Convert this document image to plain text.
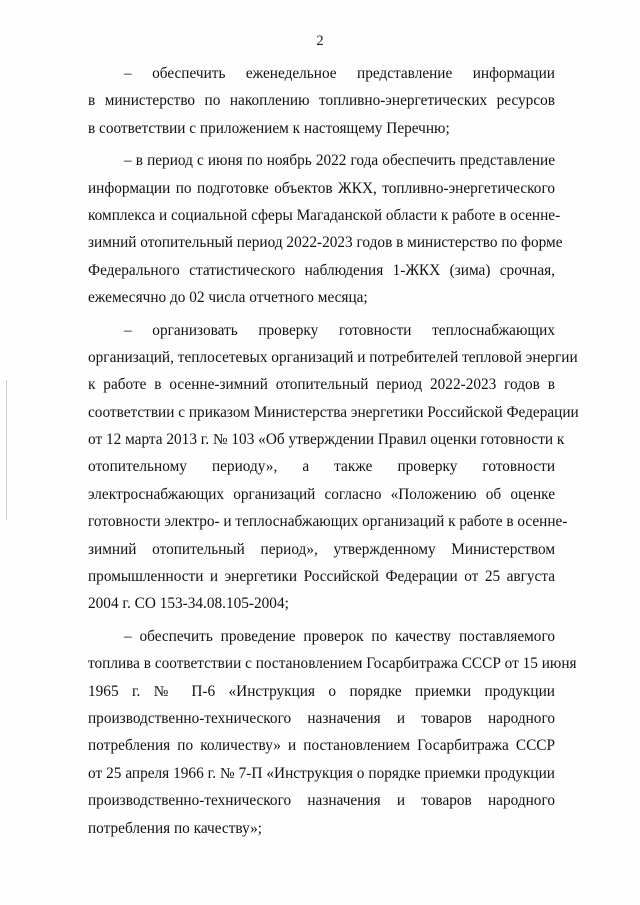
2
– обеспечить еженедельное представление информации
в министерство по накоплению топливно-энергетических ресурсов
в соответствии с приложением к настоящему Перечню;
– в период с июня по ноябрь 2022 года обеспечить представление
информации по подготовке объектов ЖКХ, топливно-энергетического
комплекса и социальной сферы Магаданской области к работе в осенне-
зимний отопительный период 2022-2023 годов в министерство по форме
Федерального статистического наблюдения 1-ЖКХ (зима) срочная,
ежемесячно до 02 числа отчетного месяца;
– организовать проверку готовности теплоснабжающих
организаций, теплосетевых организаций и потребителей тепловой энергии
к работе в осенне-зимний отопительный период 2022-2023 годов в
соответствии с приказом Министерства энергетики Российской Федерации
от 12 марта 2013 г. № 103 «Об утверждении Правил оценки готовности к
отопительному периоду», а также проверку готовности
электроснабжающих организаций согласно «Положению об оценке
готовности электро- и теплоснабжающих организаций к работе в осенне-
зимний отопительный период», утвержденному Министерством
промышленности и энергетики Российской Федерации от 25 августа
2004 г. СО 153-34.08.105-2004;
– обеспечить проведение проверок по качеству поставляемого
топлива в соответствии с постановлением Госарбитража СССР от 15 июня
1965 г. № П-6 «Инструкция о порядке приемки продукции
производственно-технического назначения и товаров народного
потребления по количеству» и постановлением Госарбитража СССР
от 25 апреля 1966 г. № 7-П «Инструкция о порядке приемки продукции
производственно-технического назначения и товаров народного
потребления по качеству»;
